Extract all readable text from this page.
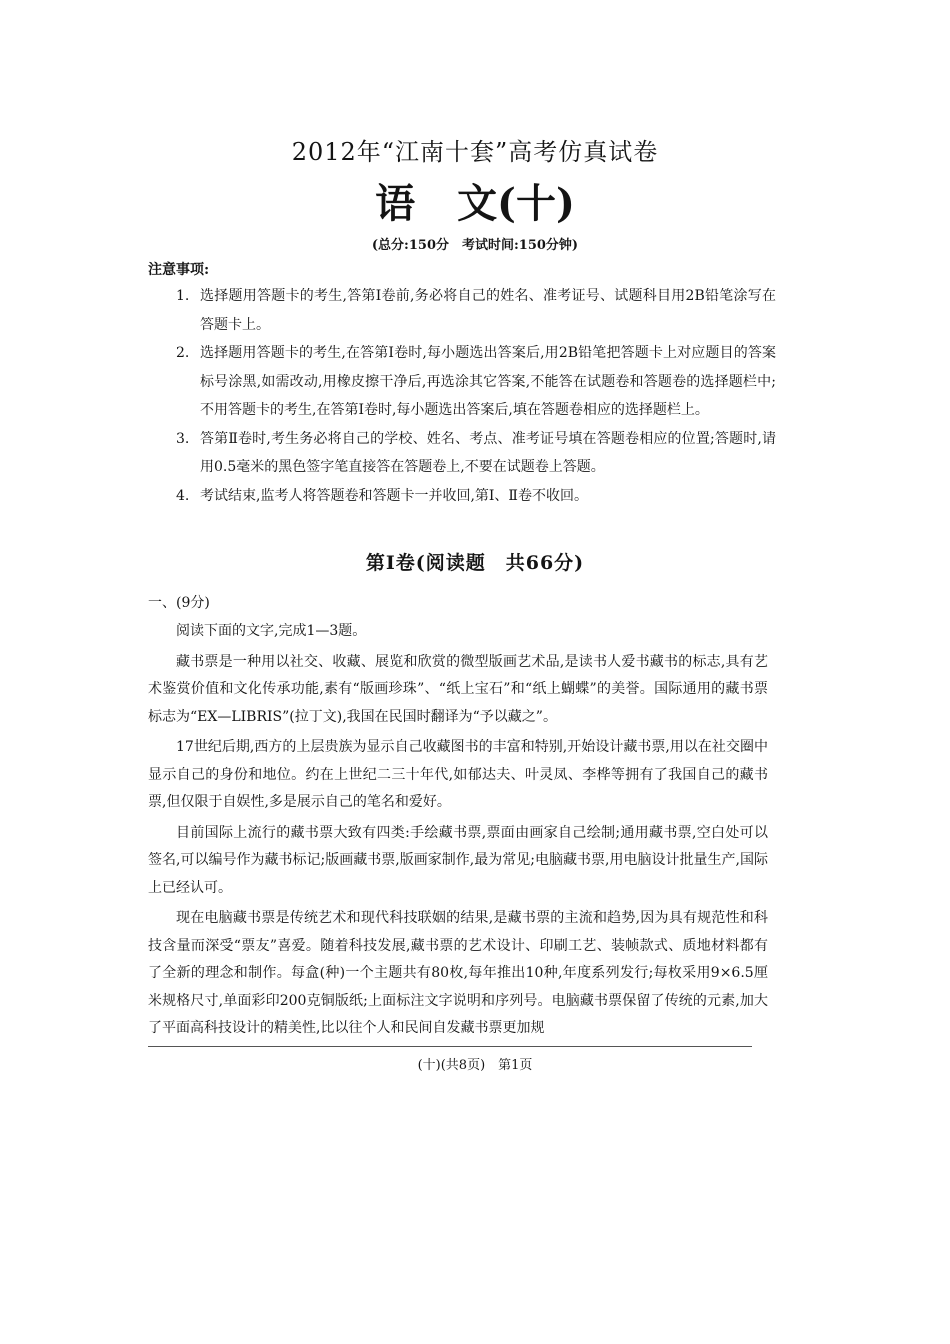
2012年“江南十套”高考仿真试卷
语 文(十)
(总分:150分　考试时间:150分钟)
注意事项:
1. 选择题用答题卡的考生,答第Ⅰ卷前,务必将自己的姓名、准考证号、试题科目用2B铅笔涂写在答题卡上。
2. 选择题用答题卡的考生,在答第Ⅰ卷时,每小题选出答案后,用2B铅笔把答题卡上对应题目的答案标号涂黑,如需改动,用橡皮擦干净后,再选涂其它答案,不能答在试题卷和答题卷的选择题栏中;不用答题卡的考生,在答第Ⅰ卷时,每小题选出答案后,填在答题卷相应的选择题栏上。
3. 答第Ⅱ卷时,考生务必将自己的学校、姓名、考点、准考证号填在答题卷相应的位置;答题时,请用0.5毫米的黑色签字笔直接答在答题卷上,不要在试题卷上答题。
4. 考试结束,监考人将答题卷和答题卡一并收回,第Ⅰ、Ⅱ卷不收回。
第Ⅰ卷(阅读题　共66分)
一、(9分)

阅读下面的文字,完成1—3题。

藏书票是一种用以社交、收藏、展览和欣赏的微型版画艺术品,是读书人爱书藏书的标志,具有艺术鉴赏价值和文化传承功能,素有“版画珍珠”、“纸上宝石”和“纸上蝴蝶”的美誉。国际通用的藏书票标志为“EX—LIBRIS”(拉丁文),我国在民国时翻译为“予以藏之”。

17世纪后期,西方的上层贵族为显示自己收藏图书的丰富和特别,开始设计藏书票,用以在社交圈中显示自己的身份和地位。约在上世纪二三十年代,如郁达夫、叶灵凤、李桦等拥有了我国自己的藏书票,但仅限于自娱性,多是展示自己的笔名和爱好。

目前国际上流行的藏书票大致有四类:手绘藏书票,票面由画家自己绘制;通用藏书票,空白处可以签名,可以编号作为藏书标记;版画藏书票,版画家制作,最为常见;电脑藏书票,用电脑设计批量生产,国际上已经认可。

现在电脑藏书票是传统艺术和现代科技联姻的结果,是藏书票的主流和趋势,因为具有规范性和科技含量而深受“票友”喜爱。随着科技发展,藏书票的艺术设计、印刷工艺、装帧款式、质地材料都有了全新的理念和制作。每盒(种)一个主题共有80枚,每年推出10种,年度系列发行;每枚采用9×6.5厘米规格尺寸,单面彩印200克铜版纸;上面标注文字说明和序列号。电脑藏书票保留了传统的元素,加大了平面高科技设计的精美性,比以往个人和民间自发藏书票更加规

(十)(共8页)　第1页
